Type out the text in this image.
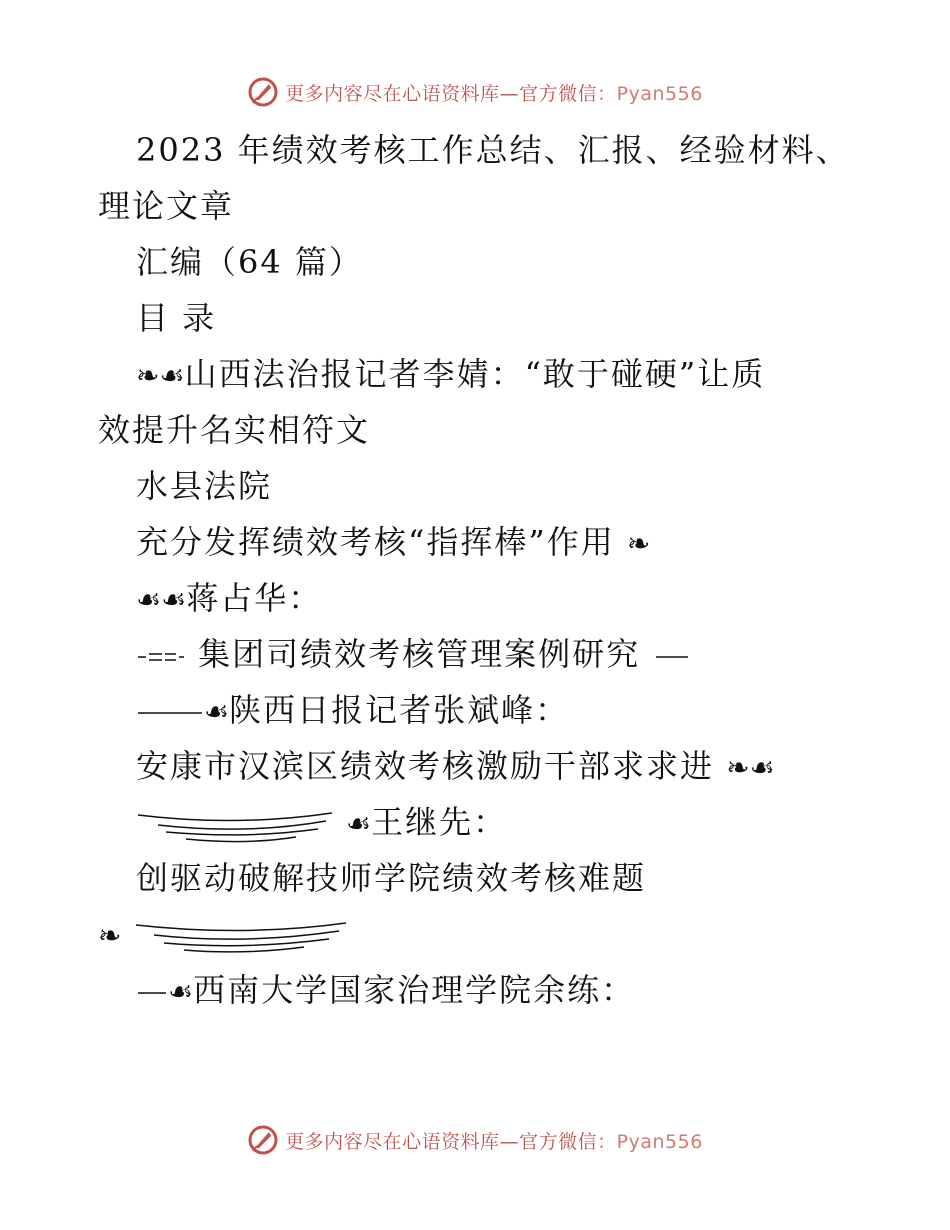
更多内容尽在心语资料库—官方微信：Pyan556
2023 年绩效考核工作总结、汇报、经验材料、
理论文章
汇编（64 篇）
目 录
❧☙山西法治报记者李婧：“敢于碰硬”让质
效提升名实相符文
水县法院
充分发挥绩效考核“指挥棒”作用 ❧
☙☙蒋占华：
集团司绩效考核管理案例研究
☙陕西日报记者张斌峰：
安康市汉滨区绩效考核激励干部求求进 ❧☙
☙王继先：
创驱动破解技师学院绩效考核难题
❧
☙西南大学国家治理学院余练：
更多内容尽在心语资料库—官方微信：Pyan556
